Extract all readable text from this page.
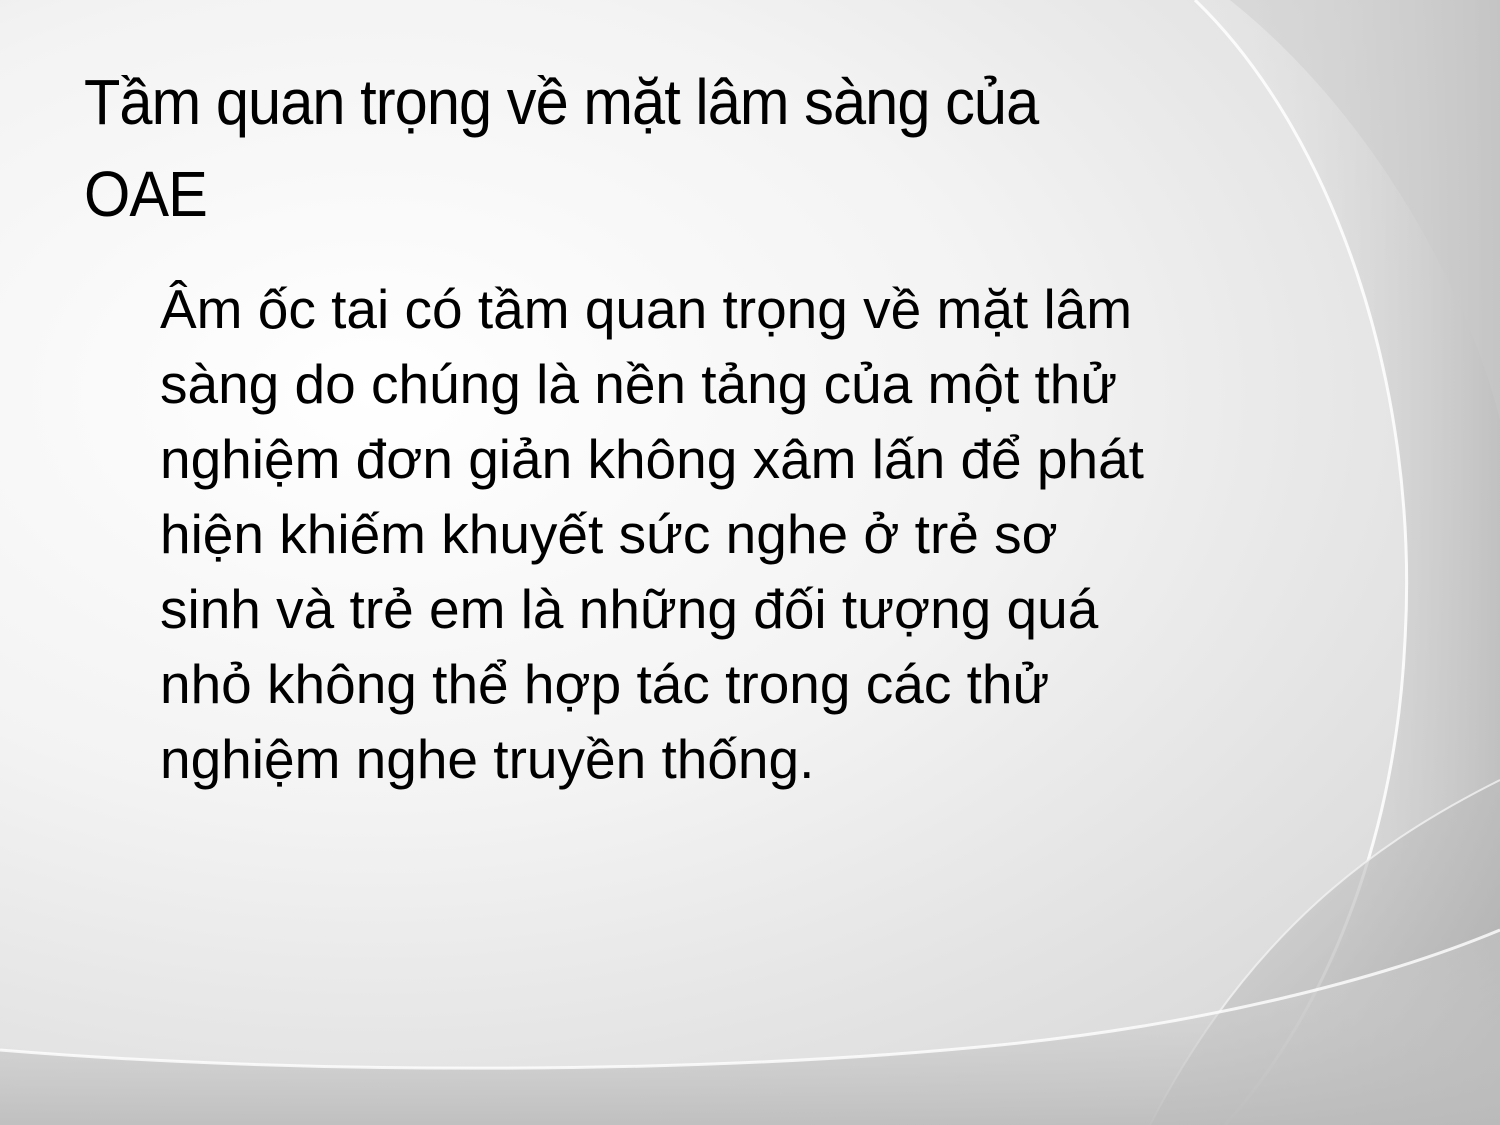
Tầm quan trọng về mặt lâm sàng của
OAE
Âm ốc tai có tầm quan trọng về mặt lâm
sàng do chúng là nền tảng của một thử
nghiệm đơn giản không xâm lấn để phát
hiện khiếm khuyết sức nghe ở trẻ sơ
sinh và trẻ em là những đối tượng quá
nhỏ không thể hợp tác trong các thử
nghiệm nghe truyền thống.
